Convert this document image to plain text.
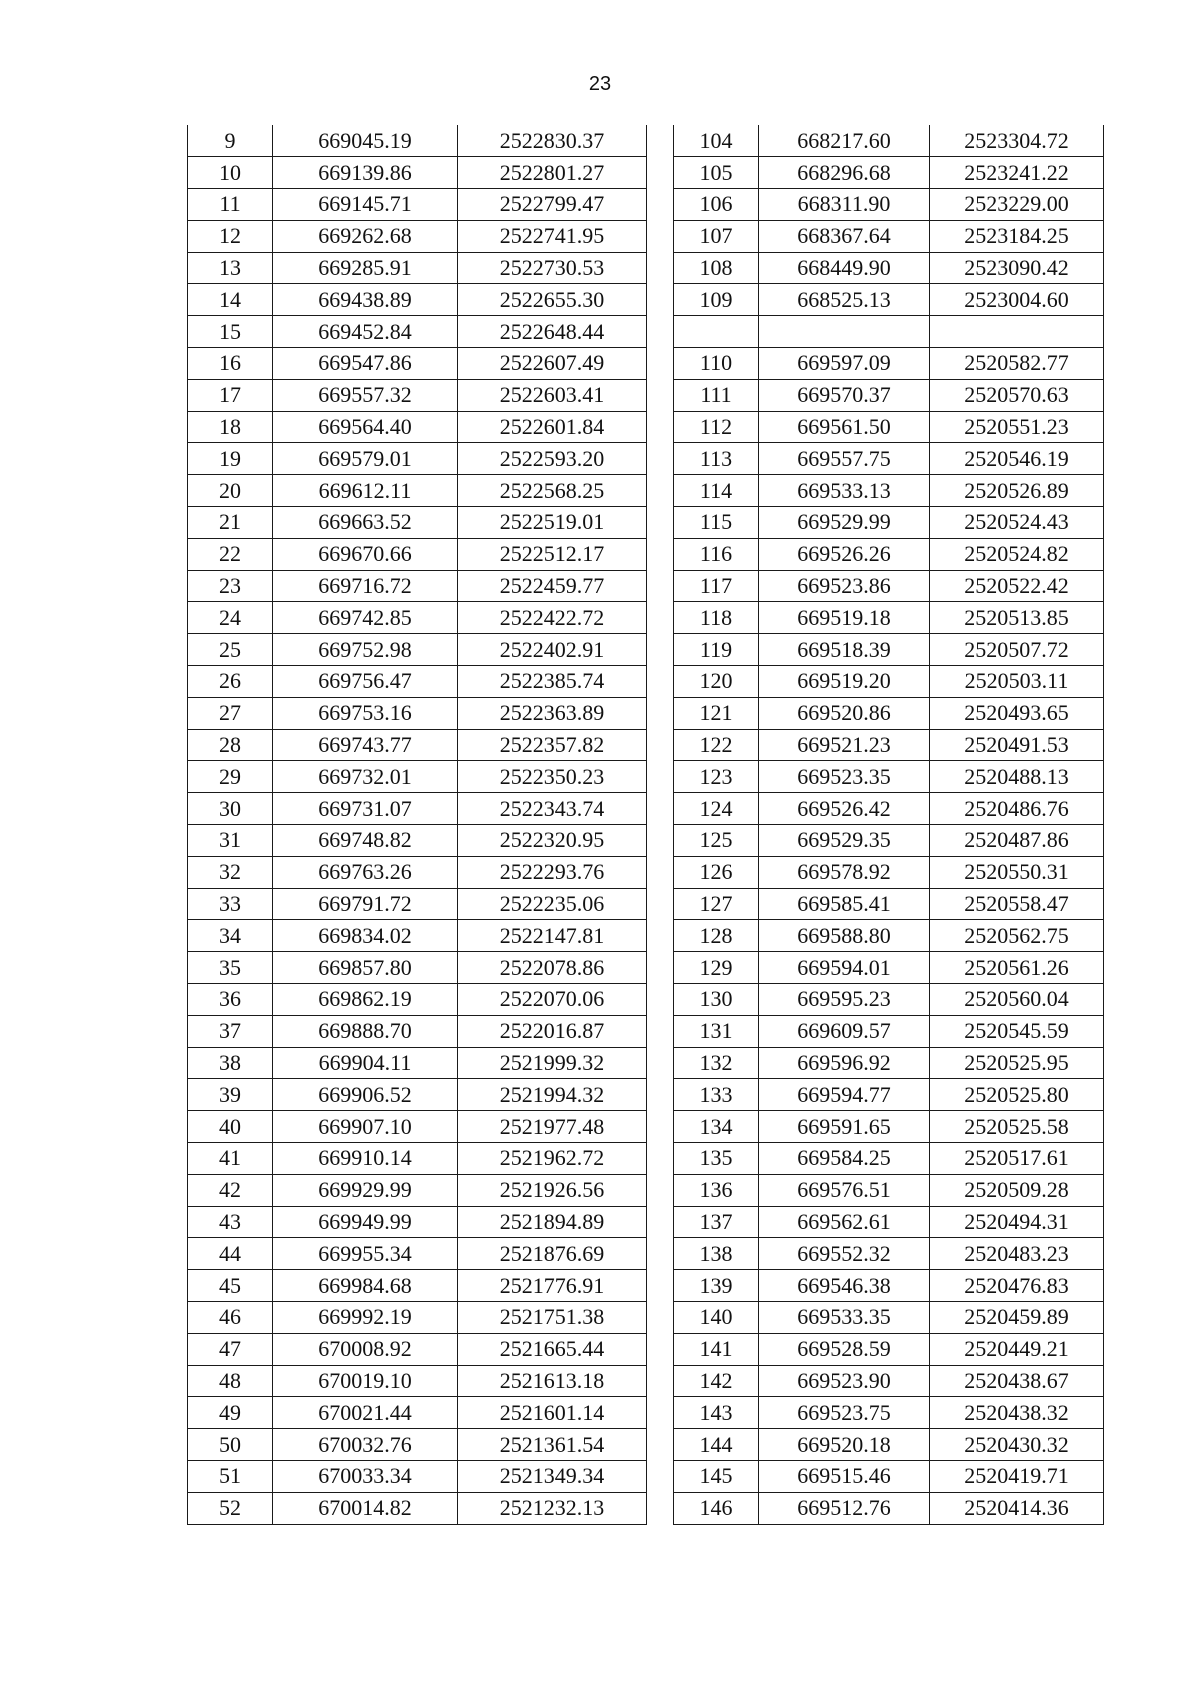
23
9	669045.19	2522830.37
10	669139.86	2522801.27
11	669145.71	2522799.47
12	669262.68	2522741.95
13	669285.91	2522730.53
14	669438.89	2522655.30
15	669452.84	2522648.44
16	669547.86	2522607.49
17	669557.32	2522603.41
18	669564.40	2522601.84
19	669579.01	2522593.20
20	669612.11	2522568.25
21	669663.52	2522519.01
22	669670.66	2522512.17
23	669716.72	2522459.77
24	669742.85	2522422.72
25	669752.98	2522402.91
26	669756.47	2522385.74
27	669753.16	2522363.89
28	669743.77	2522357.82
29	669732.01	2522350.23
30	669731.07	2522343.74
31	669748.82	2522320.95
32	669763.26	2522293.76
33	669791.72	2522235.06
34	669834.02	2522147.81
35	669857.80	2522078.86
36	669862.19	2522070.06
37	669888.70	2522016.87
38	669904.11	2521999.32
39	669906.52	2521994.32
40	669907.10	2521977.48
41	669910.14	2521962.72
42	669929.99	2521926.56
43	669949.99	2521894.89
44	669955.34	2521876.69
45	669984.68	2521776.91
46	669992.19	2521751.38
47	670008.92	2521665.44
48	670019.10	2521613.18
49	670021.44	2521601.14
50	670032.76	2521361.54
51	670033.34	2521349.34
52	670014.82	2521232.13
104	668217.60	2523304.72
105	668296.68	2523241.22
106	668311.90	2523229.00
107	668367.64	2523184.25
108	668449.90	2523090.42
109	668525.13	2523004.60

110	669597.09	2520582.77
111	669570.37	2520570.63
112	669561.50	2520551.23
113	669557.75	2520546.19
114	669533.13	2520526.89
115	669529.99	2520524.43
116	669526.26	2520524.82
117	669523.86	2520522.42
118	669519.18	2520513.85
119	669518.39	2520507.72
120	669519.20	2520503.11
121	669520.86	2520493.65
122	669521.23	2520491.53
123	669523.35	2520488.13
124	669526.42	2520486.76
125	669529.35	2520487.86
126	669578.92	2520550.31
127	669585.41	2520558.47
128	669588.80	2520562.75
129	669594.01	2520561.26
130	669595.23	2520560.04
131	669609.57	2520545.59
132	669596.92	2520525.95
133	669594.77	2520525.80
134	669591.65	2520525.58
135	669584.25	2520517.61
136	669576.51	2520509.28
137	669562.61	2520494.31
138	669552.32	2520483.23
139	669546.38	2520476.83
140	669533.35	2520459.89
141	669528.59	2520449.21
142	669523.90	2520438.67
143	669523.75	2520438.32
144	669520.18	2520430.32
145	669515.46	2520419.71
146	669512.76	2520414.36
